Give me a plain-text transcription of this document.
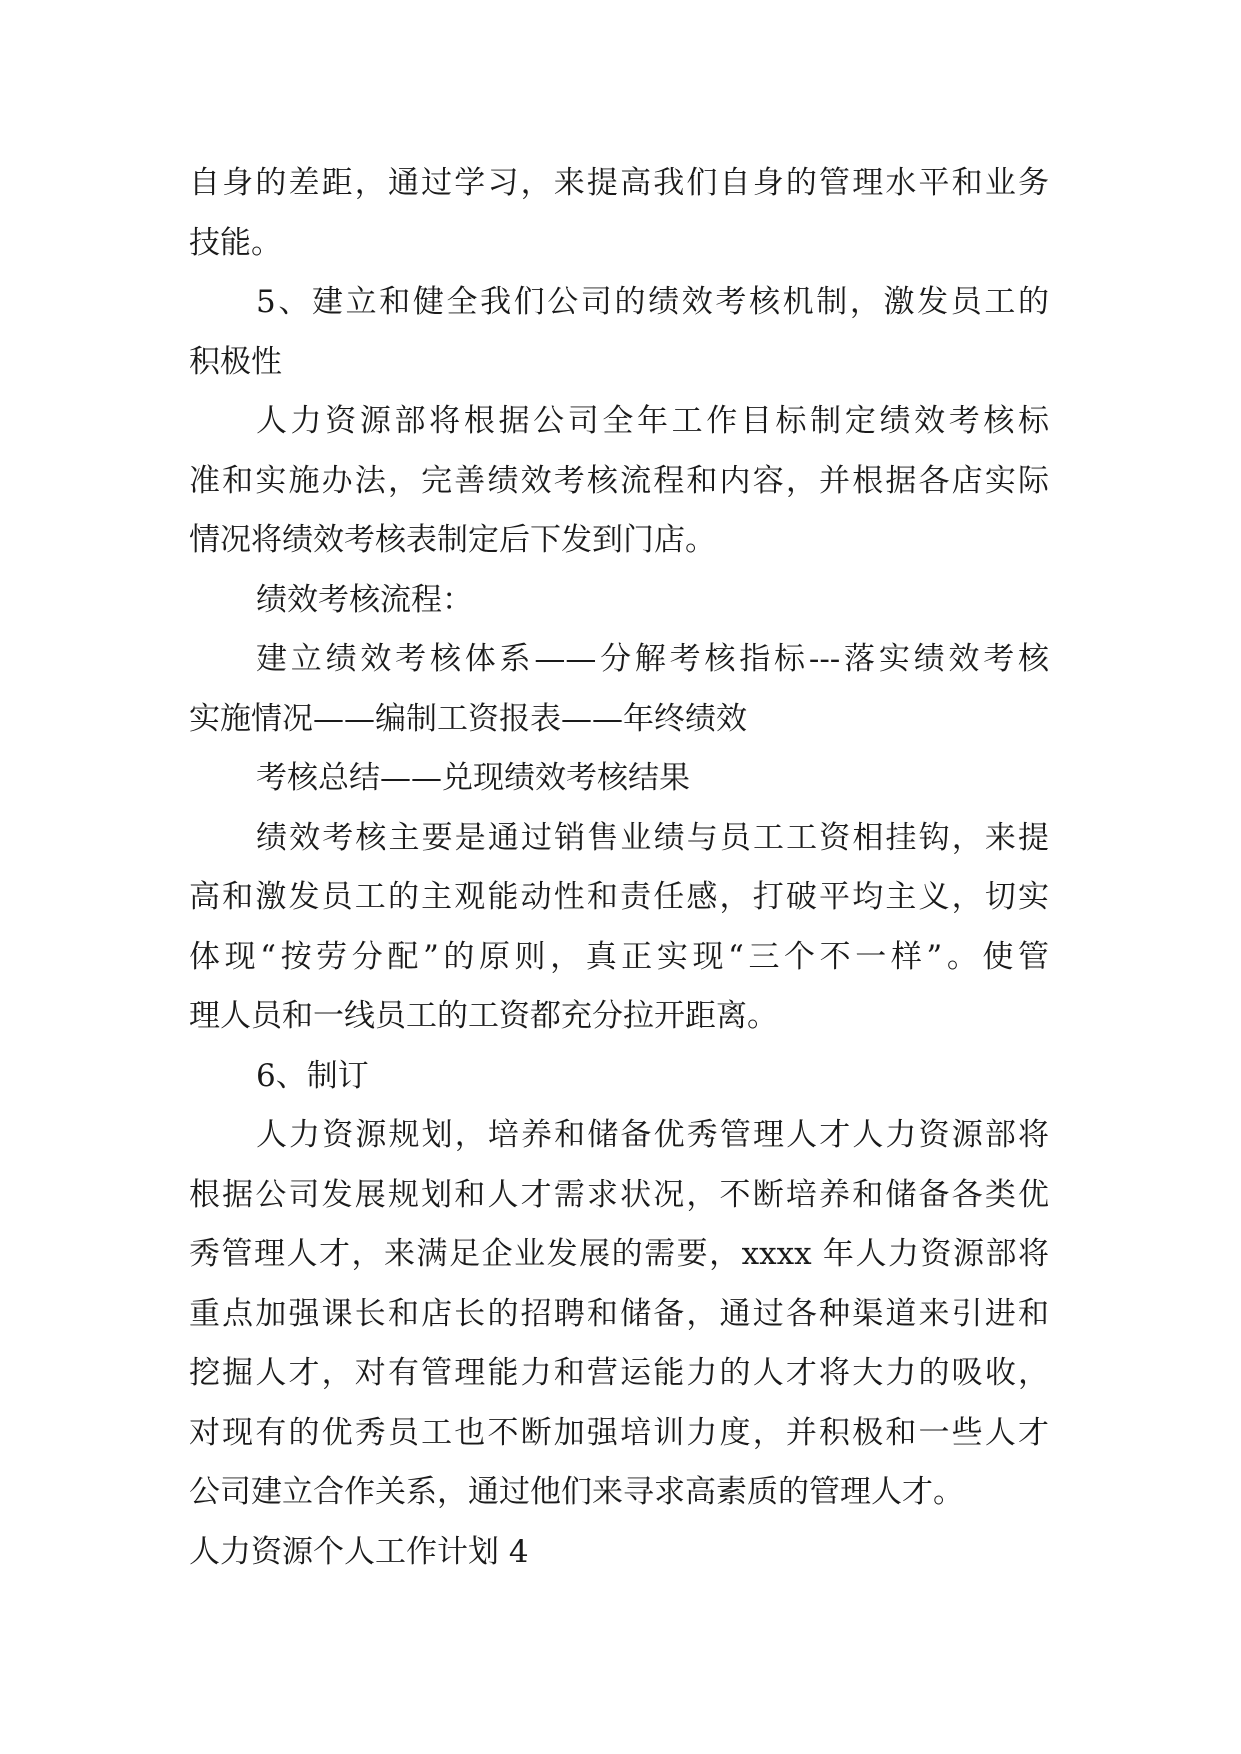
自身的差距，通过学习，来提高我们自身的管理水平和业务
技能。
5、建立和健全我们公司的绩效考核机制，激发员工的
积极性
人力资源部将根据公司全年工作目标制定绩效考核标
准和实施办法，完善绩效考核流程和内容，并根据各店实际
情况将绩效考核表制定后下发到门店。
绩效考核流程：
建立绩效考核体系——分解考核指标---落实绩效考核
实施情况——编制工资报表——年终绩效
考核总结——兑现绩效考核结果
绩效考核主要是通过销售业绩与员工工资相挂钩，来提
高和激发员工的主观能动性和责任感，打破平均主义，切实
体现“按劳分配”的原则，真正实现“三个不一样”。使管
理人员和一线员工的工资都充分拉开距离。
6、制订
人力资源规划，培养和储备优秀管理人才人力资源部将
根据公司发展规划和人才需求状况，不断培养和储备各类优
秀管理人才，来满足企业发展的需要，xxxx 年人力资源部将
重点加强课长和店长的招聘和储备，通过各种渠道来引进和
挖掘人才，对有管理能力和营运能力的人才将大力的吸收，
对现有的优秀员工也不断加强培训力度，并积极和一些人才
公司建立合作关系，通过他们来寻求高素质的管理人才。
人力资源个人工作计划 4
